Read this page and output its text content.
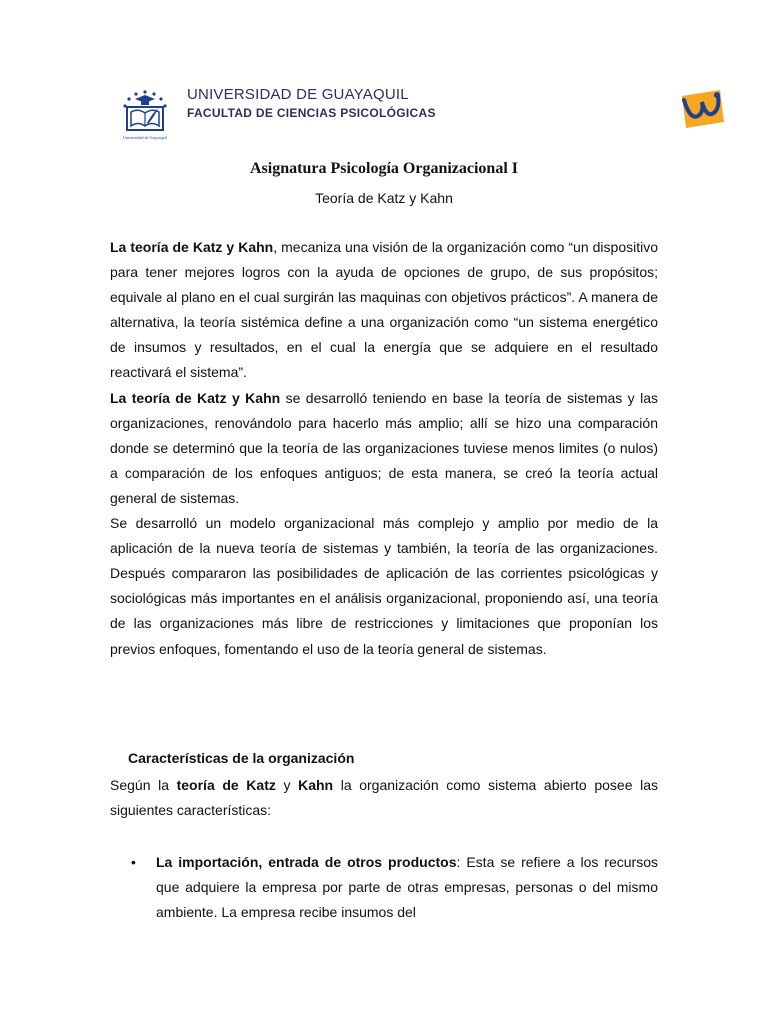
Universidad de Guayaquil
UNIVERSIDAD DE GUAYAQUIL
FACULTAD DE CIENCIAS PSICOLÓGICAS
Asignatura Psicología Organizacional I
Teoría de Katz y Kahn

La teoría de Katz y Kahn, mecaniza una visión de la organización como “un dispositivo para tener mejores logros con la ayuda de opciones de grupo, de sus propósitos; equivale al plano en el cual surgirán las maquinas con objetivos prácticos”. A manera de alternativa, la teoría sistémica define a una organización como “un sistema energético de insumos y resultados, en el cual la energía que se adquiere en el resultado reactivará el sistema”.

La teoría de Katz y Kahn se desarrolló teniendo en base la teoría de sistemas y las organizaciones, renovándolo para hacerlo más amplio; allí se hizo una comparación donde se determinó que la teoría de las organizaciones tuviese menos limites (o nulos) a comparación de los enfoques antiguos; de esta manera, se creó la teoría actual general de sistemas.

Se desarrolló un modelo organizacional más complejo y amplio por medio de la aplicación de la nueva teoría de sistemas y también, la teoría de las organizaciones. Después compararon las posibilidades de aplicación de las corrientes psicológicas y sociológicas más importantes en el análisis organizacional, proponiendo así, una teoría de las organizaciones más libre de restricciones y limitaciones que proponían los previos enfoques, fomentando el uso de la teoría general de sistemas.

Características de la organización

Según la teoría de Katz y Kahn la organización como sistema abierto posee las siguientes características:

• La importación, entrada de otros productos: Esta se refiere a los recursos que adquiere la empresa por parte de otras empresas, personas o del mismo ambiente. La empresa recibe insumos del
